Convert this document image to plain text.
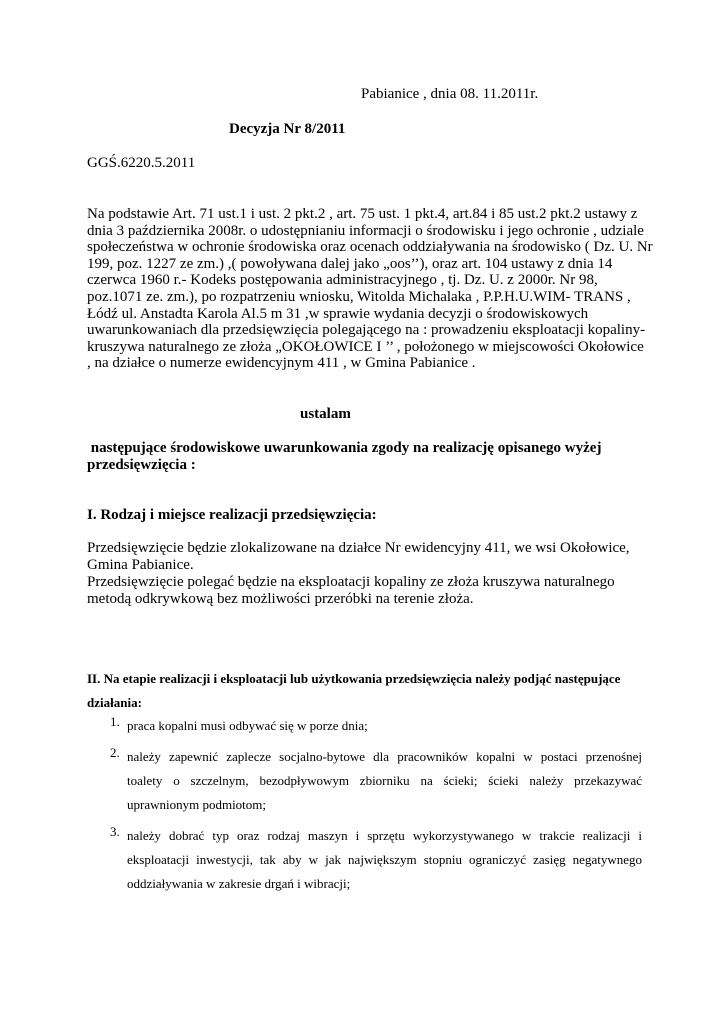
Pabianice , dnia 08. 11.2011r.
Decyzja Nr 8/2011
GGŚ.6220.5.2011
Na podstawie Art. 71 ust.1 i ust. 2 pkt.2 , art. 75 ust. 1 pkt.4, art.84 i 85 ust.2 pkt.2 ustawy z
dnia 3 października 2008r. o udostępnianiu informacji o środowisku i jego ochronie , udziale
społeczeństwa w ochronie środowiska oraz ocenach oddziaływania na środowisko ( Dz. U. Nr
199, poz. 1227 ze zm.) ,( powoływana dalej jako „oos’’), oraz art. 104 ustawy z dnia 14
czerwca 1960 r.- Kodeks postępowania administracyjnego , tj. Dz. U. z 2000r. Nr 98,
poz.1071 ze. zm.), po rozpatrzeniu wniosku, Witolda Michalaka , P.P.H.U.WIM- TRANS ,
Łódź ul. Anstadta Karola Al.5 m 31 ,w sprawie wydania decyzji o środowiskowych
uwarunkowaniach dla przedsięwzięcia polegającego na : prowadzeniu eksploatacji kopaliny-
kruszywa naturalnego ze złoża „OKOŁOWICE I ’’ , położonego w miejscowości Okołowice
, na działce o numerze ewidencyjnym 411 , w Gmina Pabianice .
ustalam
następujące środowiskowe uwarunkowania zgody na realizację opisanego wyżej
przedsięwzięcia :
I. Rodzaj i miejsce realizacji przedsięwzięcia:
Przedsięwzięcie będzie zlokalizowane na działce Nr ewidencyjny 411, we wsi Okołowice,
Gmina Pabianice.
Przedsięwzięcie polegać będzie na eksploatacji kopaliny ze złoża kruszywa naturalnego
metodą odkrywkową bez możliwości przeróbki na terenie złoża.
II. Na etapie realizacji i eksploatacji lub użytkowania przedsięwzięcia należy podjąć następujące
działania:
1. praca kopalni musi odbywać się w porze dnia;
2. należy zapewnić zaplecze socjalno-bytowe dla pracowników kopalni w postaci przenośnej
toalety o szczelnym, bezodpływowym zbiorniku na ścieki; ścieki należy przekazywać
uprawnionym podmiotom;
3. należy dobrać typ oraz rodzaj maszyn i sprzętu wykorzystywanego w trakcie realizacji i
eksploatacji inwestycji, tak aby w jak największym stopniu ograniczyć zasięg negatywnego
oddziaływania w zakresie drgań i wibracji;
